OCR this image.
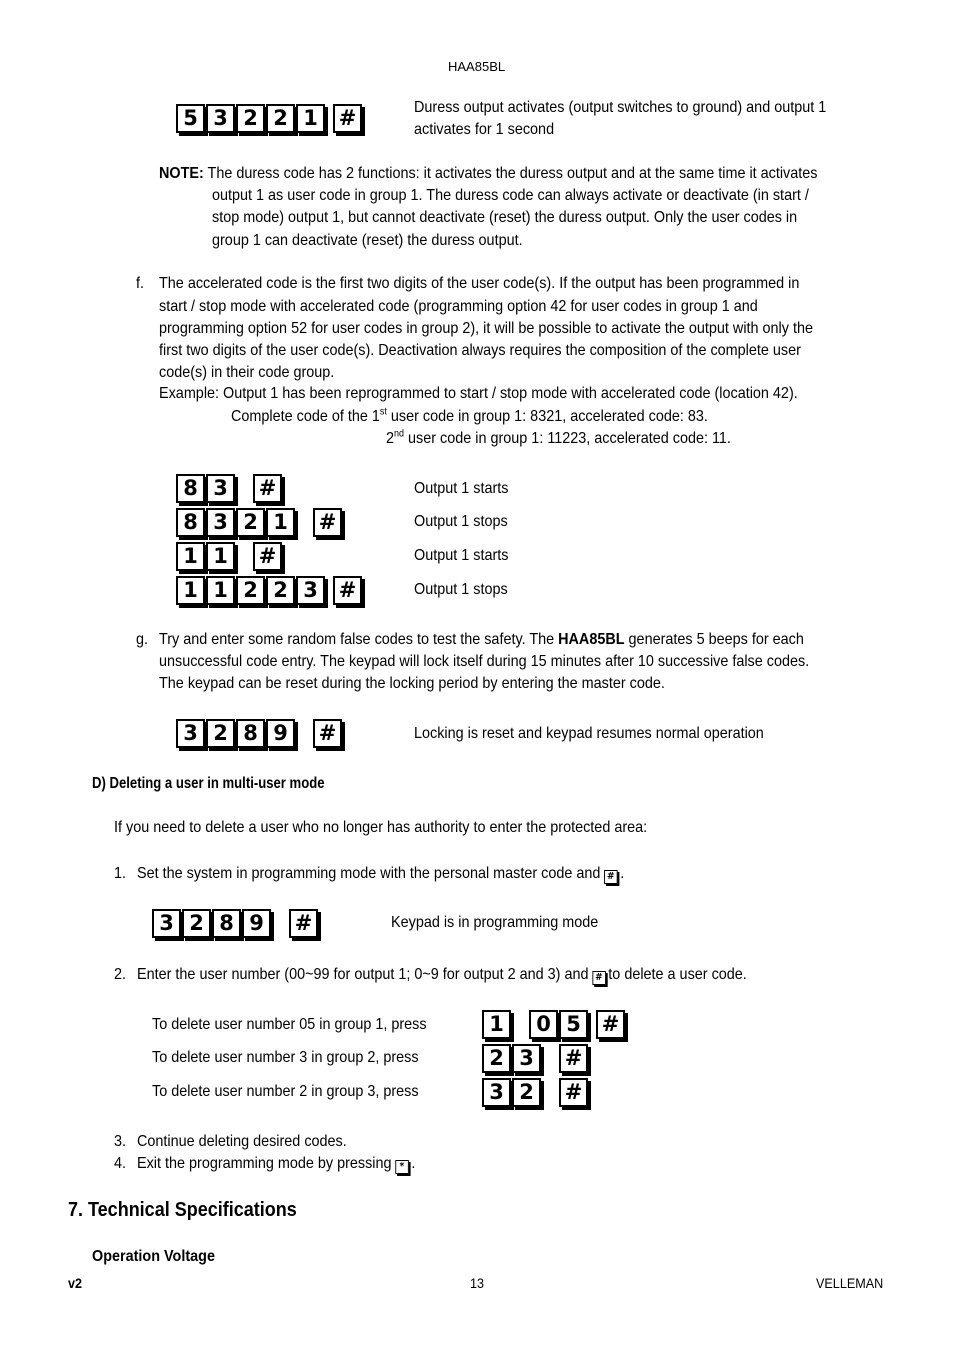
HAA85BL
5 3 2 2 1 #	Duress output activates (output switches to ground) and output 1
activates for 1 second
NOTE: The duress code has 2 functions: it activates the duress output and at the same time it activates
output 1 as user code in group 1. The duress code can always activate or deactivate (in start /
stop mode) output 1, but cannot deactivate (reset) the duress output. Only the user codes in
group 1 can deactivate (reset) the duress output.
f. The accelerated code is the first two digits of the user code(s). If the output has been programmed in
start / stop mode with accelerated code (programming option 42 for user codes in group 1 and
programming option 52 for user codes in group 2), it will be possible to activate the output with only the
first two digits of the user code(s). Deactivation always requires the composition of the complete user
code(s) in their code group.
Example: Output 1 has been reprogrammed to start / stop mode with accelerated code (location 42).
Complete code of the 1st user code in group 1: 8321, accelerated code: 83.
2nd user code in group 1: 11223, accelerated code: 11.
8 3 #	Output 1 starts
8 3 2 1 #	Output 1 stops
1 1 #	Output 1 starts
1 1 2 2 3 #	Output 1 stops
g. Try and enter some random false codes to test the safety. The HAA85BL generates 5 beeps for each
unsuccessful code entry. The keypad will lock itself during 15 minutes after 10 successive false codes.
The keypad can be reset during the locking period by entering the master code.
3 2 8 9 #	Locking is reset and keypad resumes normal operation
D) Deleting a user in multi-user mode
If you need to delete a user who no longer has authority to enter the protected area:
1. Set the system in programming mode with the personal master code and # .
3 2 8 9 #	Keypad is in programming mode
2. Enter the user number (00~99 for output 1; 0~9 for output 2 and 3) and # to delete a user code.
To delete user number 05 in group 1, press	1 0 5 #
To delete user number 3 in group 2, press	2 3 #
To delete user number 2 in group 3, press	3 2 #
3. Continue deleting desired codes.
4. Exit the programming mode by pressing * .
7. Technical Specifications
Operation Voltage
v2	13	VELLEMAN
